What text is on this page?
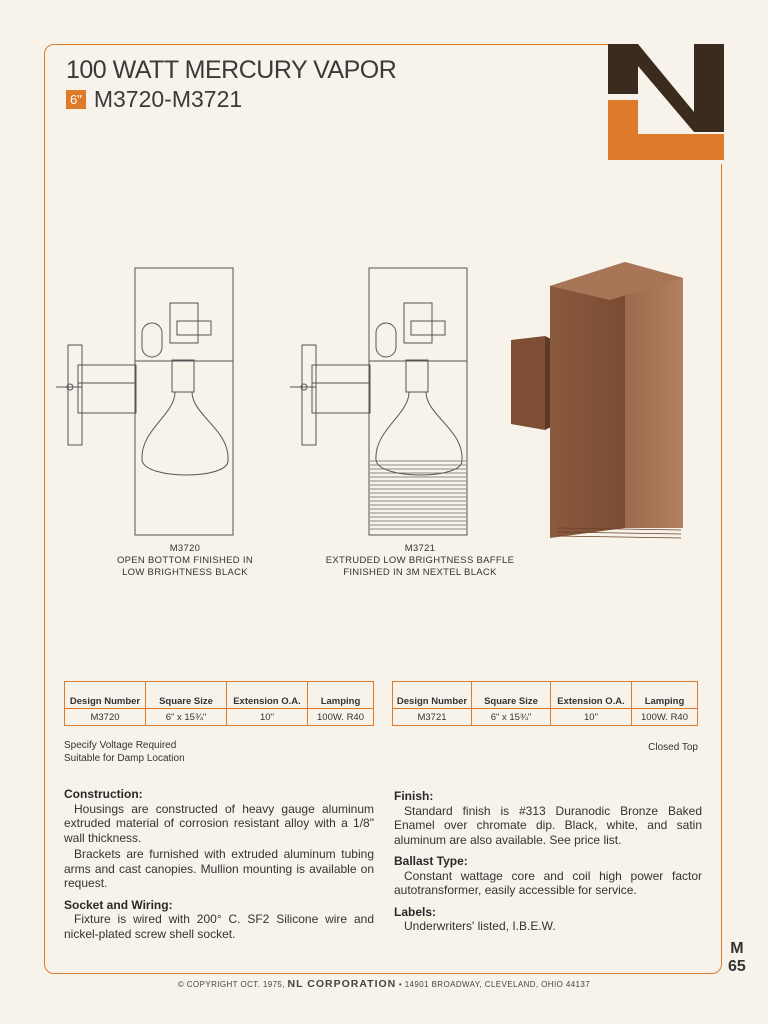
100 WATT MERCURY VAPOR
6" M3720-M3721
M3720
OPEN BOTTOM FINISHED IN
LOW BRIGHTNESS BLACK
M3721
EXTRUDED LOW BRIGHTNESS BAFFLE
FINISHED IN 3M NEXTEL BLACK
Design Number	Square Size	Extension O.A.	Lamping
M3720	6" x 15¾"	10"	100W. R40
Design Number	Square Size	Extension O.A.	Lamping
M3721	6" x 15¾"	10"	100W. R40
Specify Voltage Required
Suitable for Damp Location
Closed Top
Construction:

Housings are constructed of heavy gauge aluminum extruded material of corrosion resistant alloy with a 1/8" wall thickness.

Brackets are furnished with extruded aluminum tubing arms and cast canopies. Mullion mounting is available on request.

Socket and Wiring:

Fixture is wired with 200° C. SF2 Silicone wire and nickel-plated screw shell socket.

Finish:

Standard finish is #313 Duranodic Bronze Baked Enamel over chromate dip. Black, white, and satin aluminum are also available. See price list.

Ballast Type:

Constant wattage core and coil high power factor autotransformer, easily accessible for service.

Labels:

Underwriters' listed, I.B.E.W.

M
65
© COPYRIGHT OCT. 1975, NL CORPORATION • 14901 BROADWAY, CLEVELAND, OHIO 44137
